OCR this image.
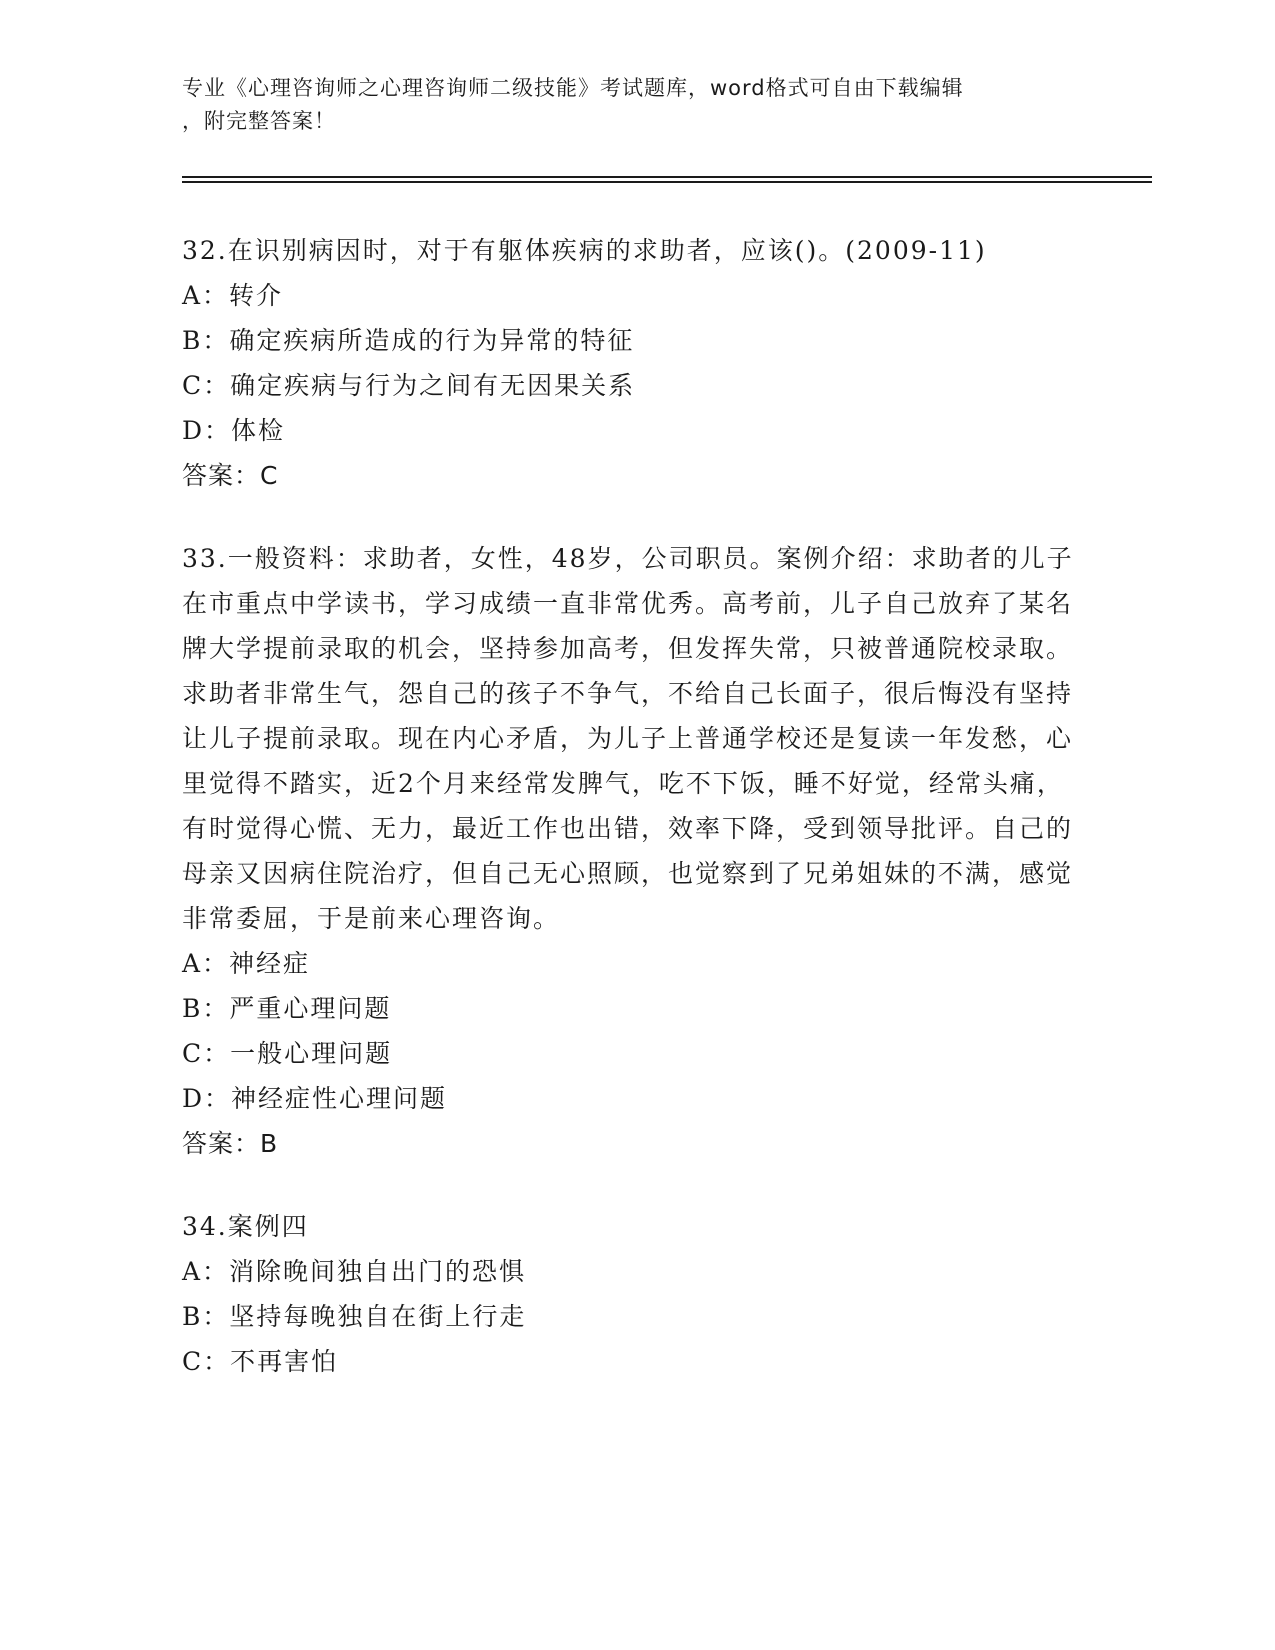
专业《心理咨询师之心理咨询师二级技能》考试题库，word格式可自由下载编辑
，附完整答案！
32.在识别病因时，对于有躯体疾病的求助者，应该()。(2009-11)
A：转介
B：确定疾病所造成的行为异常的特征
C：确定疾病与行为之间有无因果关系
D：体检
答案：C
33.一般资料：求助者，女性，48岁，公司职员。案例介绍：求助者的儿子在市重点中学读书，学习成绩一直非常优秀。高考前，儿子自己放弃了某名牌大学提前录取的机会，坚持参加高考，但发挥失常，只被普通院校录取。求助者非常生气，怨自己的孩子不争气，不给自己长面子，很后悔没有坚持让儿子提前录取。现在内心矛盾，为儿子上普通学校还是复读一年发愁，心里觉得不踏实，近2个月来经常发脾气，吃不下饭，睡不好觉，经常头痛，有时觉得心慌、无力，最近工作也出错，效率下降，受到领导批评。自己的母亲又因病住院治疗，但自己无心照顾，也觉察到了兄弟姐妹的不满，感觉非常委屈，于是前来心理咨询。
A：神经症
B：严重心理问题
C：一般心理问题
D：神经症性心理问题
答案：B
34.案例四
A：消除晚间独自出门的恐惧
B：坚持每晚独自在街上行走
C：不再害怕
